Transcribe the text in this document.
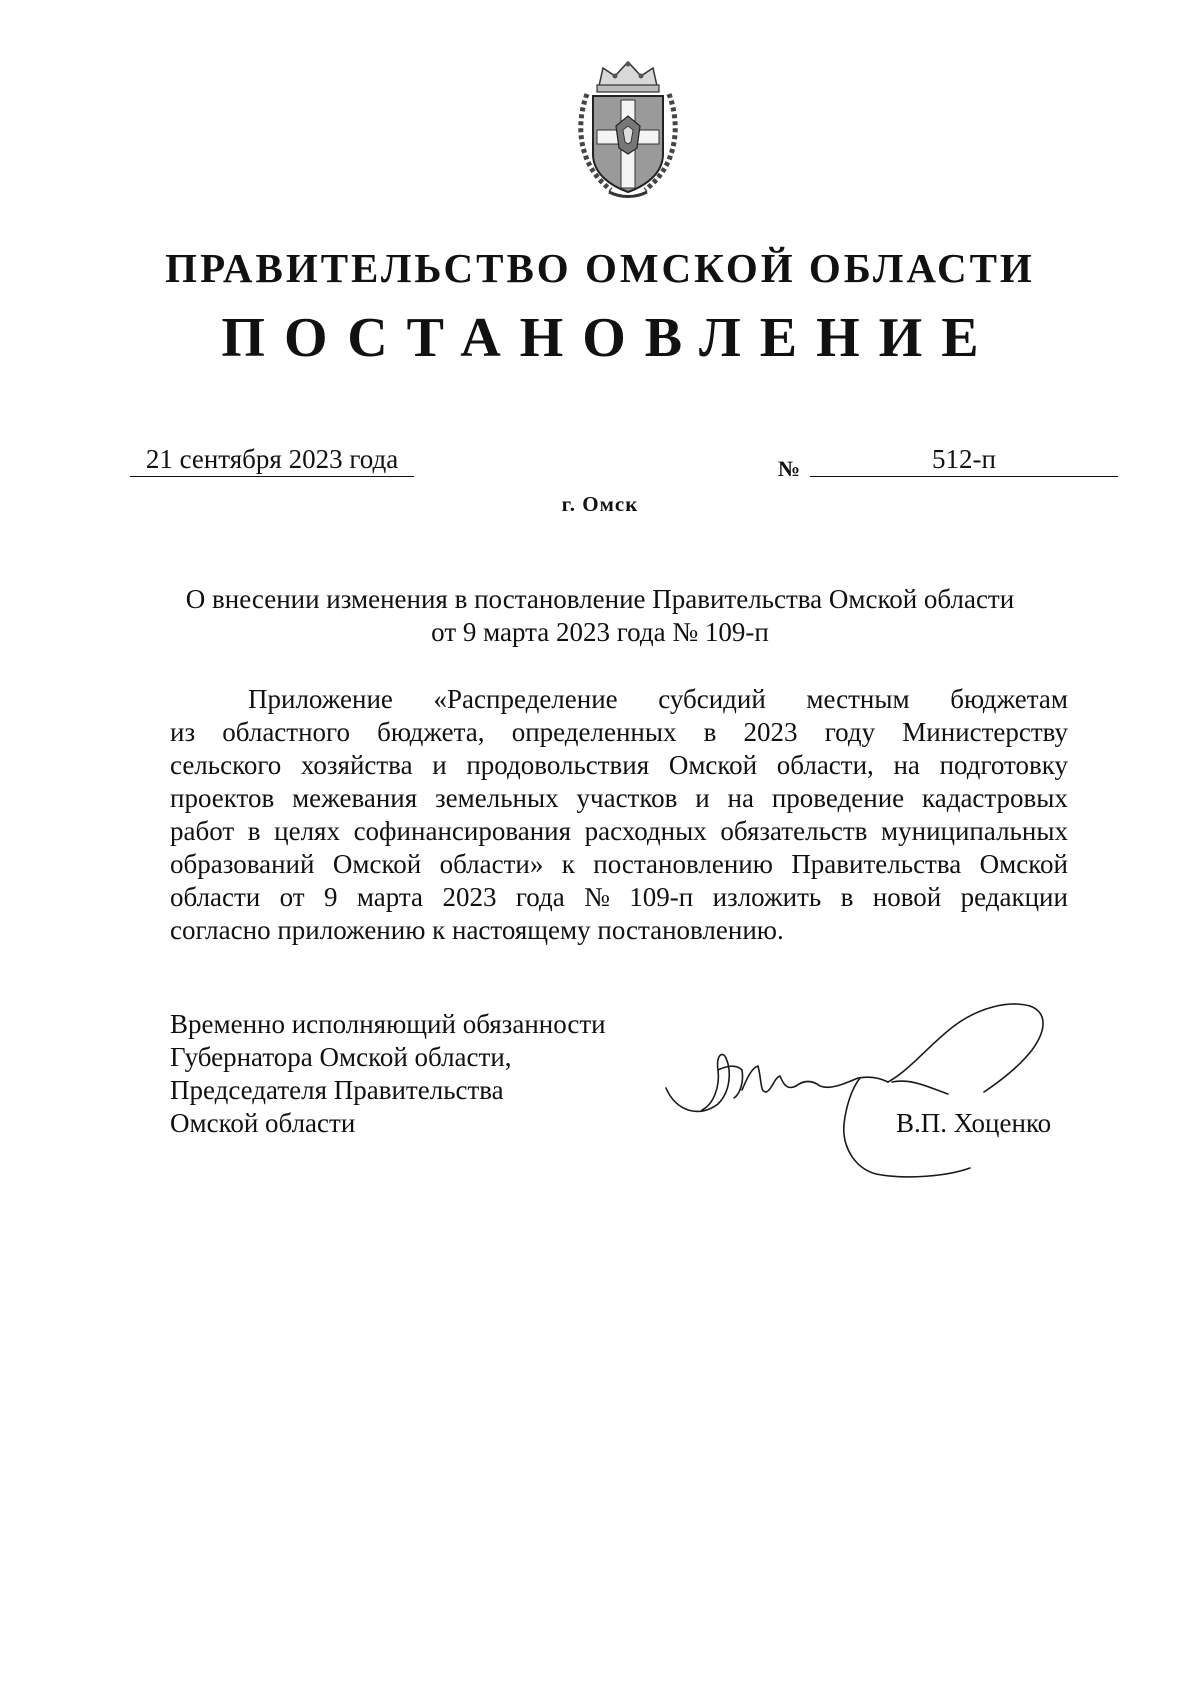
ПРАВИТЕЛЬСТВО ОМСКОЙ ОБЛАСТИ
ПОСТАНОВЛЕНИЕ
21 сентября 2023 года	№	512-п
г. Омск
О внесении изменения в постановление Правительства Омской области
от 9 марта 2023 года № 109-п
Приложение «Распределение субсидий местным бюджетам
из областного бюджета, определенных в 2023 году Министерству
сельского хозяйства и продовольствия Омской области, на подготовку
проектов межевания земельных участков и на проведение кадастровых
работ в целях софинансирования расходных обязательств муниципальных
образований Омской области» к постановлению Правительства Омской
области от 9 марта 2023 года № 109-п изложить в новой редакции
согласно приложению к настоящему постановлению.
Временно исполняющий обязанности
Губернатора Омской области,
Председателя Правительства
Омской области	В.П. Хоценко
